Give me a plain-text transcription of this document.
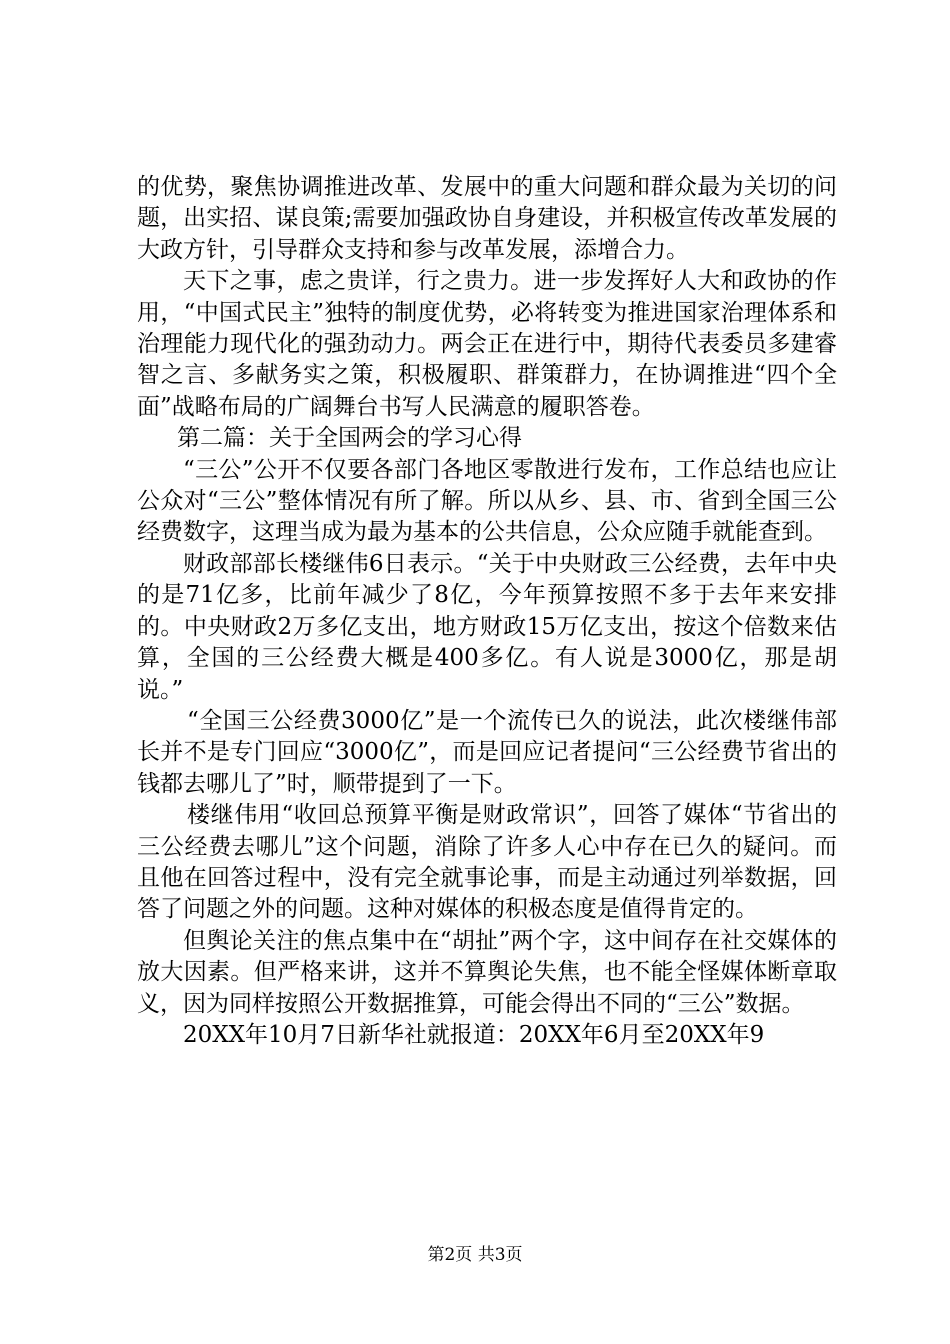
的优势，聚焦协调推进改革、发展中的重大问题和群众最为关切的问题，出实招、谋良策;需要加强政协自身建设，并积极宣传改革发展的大政方针，引导群众支持和参与改革发展，添增合力。

天下之事，虑之贵详，行之贵力。进一步发挥好人大和政协的作用，“中国式民主”独特的制度优势，必将转变为推进国家治理体系和治理能力现代化的强劲动力。两会正在进行中，期待代表委员多建睿智之言、多献务实之策，积极履职、群策群力，在协调推进“四个全面”战略布局的广阔舞台书写人民满意的履职答卷。

第二篇：关于全国两会的学习心得

“三公”公开不仅要各部门各地区零散进行发布，工作总结也应让公众对“三公”整体情况有所了解。所以从乡、县、市、省到全国三公经费数字，这理当成为最为基本的公共信息，公众应随手就能查到。

财政部部长楼继伟6日表示。“关于中央财政三公经费，去年中央的是71亿多，比前年减少了8亿，今年预算按照不多于去年来安排的。中央财政2万多亿支出，地方财政15万亿支出，按这个倍数来估算，全国的三公经费大概是400多亿。有人说是3000亿，那是胡说。”

“全国三公经费3000亿”是一个流传已久的说法，此次楼继伟部长并不是专门回应“3000亿”，而是回应记者提问“三公经费节省出的钱都去哪儿了”时，顺带提到了一下。

楼继伟用“收回总预算平衡是财政常识”，回答了媒体“节省出的三公经费去哪儿”这个问题，消除了许多人心中存在已久的疑问。而且他在回答过程中，没有完全就事论事，而是主动通过列举数据，回答了问题之外的问题。这种对媒体的积极态度是值得肯定的。

但舆论关注的焦点集中在“胡扯”两个字，这中间存在社交媒体的放大因素。但严格来讲，这并不算舆论失焦，也不能全怪媒体断章取义，因为同样按照公开数据推算，可能会得出不同的“三公”数据。

20XX年10月7日新华社就报道：20XX年6月至20XX年9

第2页 共3页
